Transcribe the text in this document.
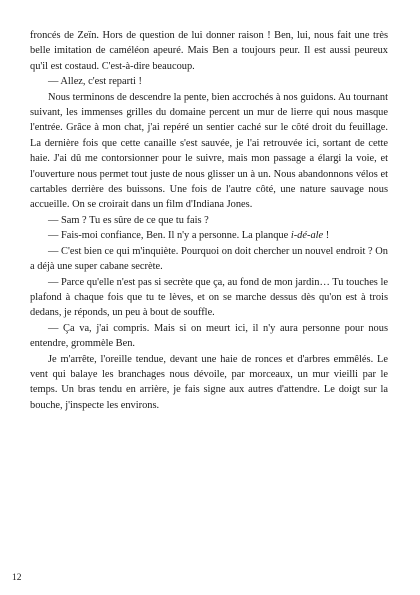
froncés de Zeïn. Hors de question de lui donner raison ! Ben, lui, nous fait une très belle imitation de caméléon apeuré. Mais Ben a toujours peur. Il est aussi peureux qu'il est costaud. C'est-à-dire beaucoup.

— Allez, c'est reparti !

Nous terminons de descendre la pente, bien accrochés à nos guidons. Au tournant suivant, les immenses grilles du domaine percent un mur de lierre qui nous masque l'entrée. Grâce à mon chat, j'ai repéré un sentier caché sur le côté droit du feuillage. La dernière fois que cette canaille s'est sauvée, je l'ai retrouvée ici, sortant de cette haie. J'ai dû me contorsionner pour le suivre, mais mon passage a élargi la voie, et l'ouverture nous permet tout juste de nous glisser un à un. Nous abandonnons vélos et cartables derrière des buissons. Une fois de l'autre côté, une nature sauvage nous accueille. On se croirait dans un film d'Indiana Jones.

— Sam ? Tu es sûre de ce que tu fais ?

— Fais-moi confiance, Ben. Il n'y a personne. La planque i-dé-ale !

— C'est bien ce qui m'inquiète. Pourquoi on doit chercher un nouvel endroit ? On a déjà une super cabane secrète.

— Parce qu'elle n'est pas si secrète que ça, au fond de mon jardin… Tu touches le plafond à chaque fois que tu te lèves, et on se marche dessus dès qu'on est à trois dedans, je réponds, un peu à bout de souffle.

— Ça va, j'ai compris. Mais si on meurt ici, il n'y aura personne pour nous entendre, grommèle Ben.

Je m'arrête, l'oreille tendue, devant une haie de ronces et d'arbres emmêlés. Le vent qui balaye les branchages nous dévoile, par morceaux, un mur vieilli par le temps. Un bras tendu en arrière, je fais signe aux autres d'attendre. Le doigt sur la bouche, j'inspecte les environs.

12
